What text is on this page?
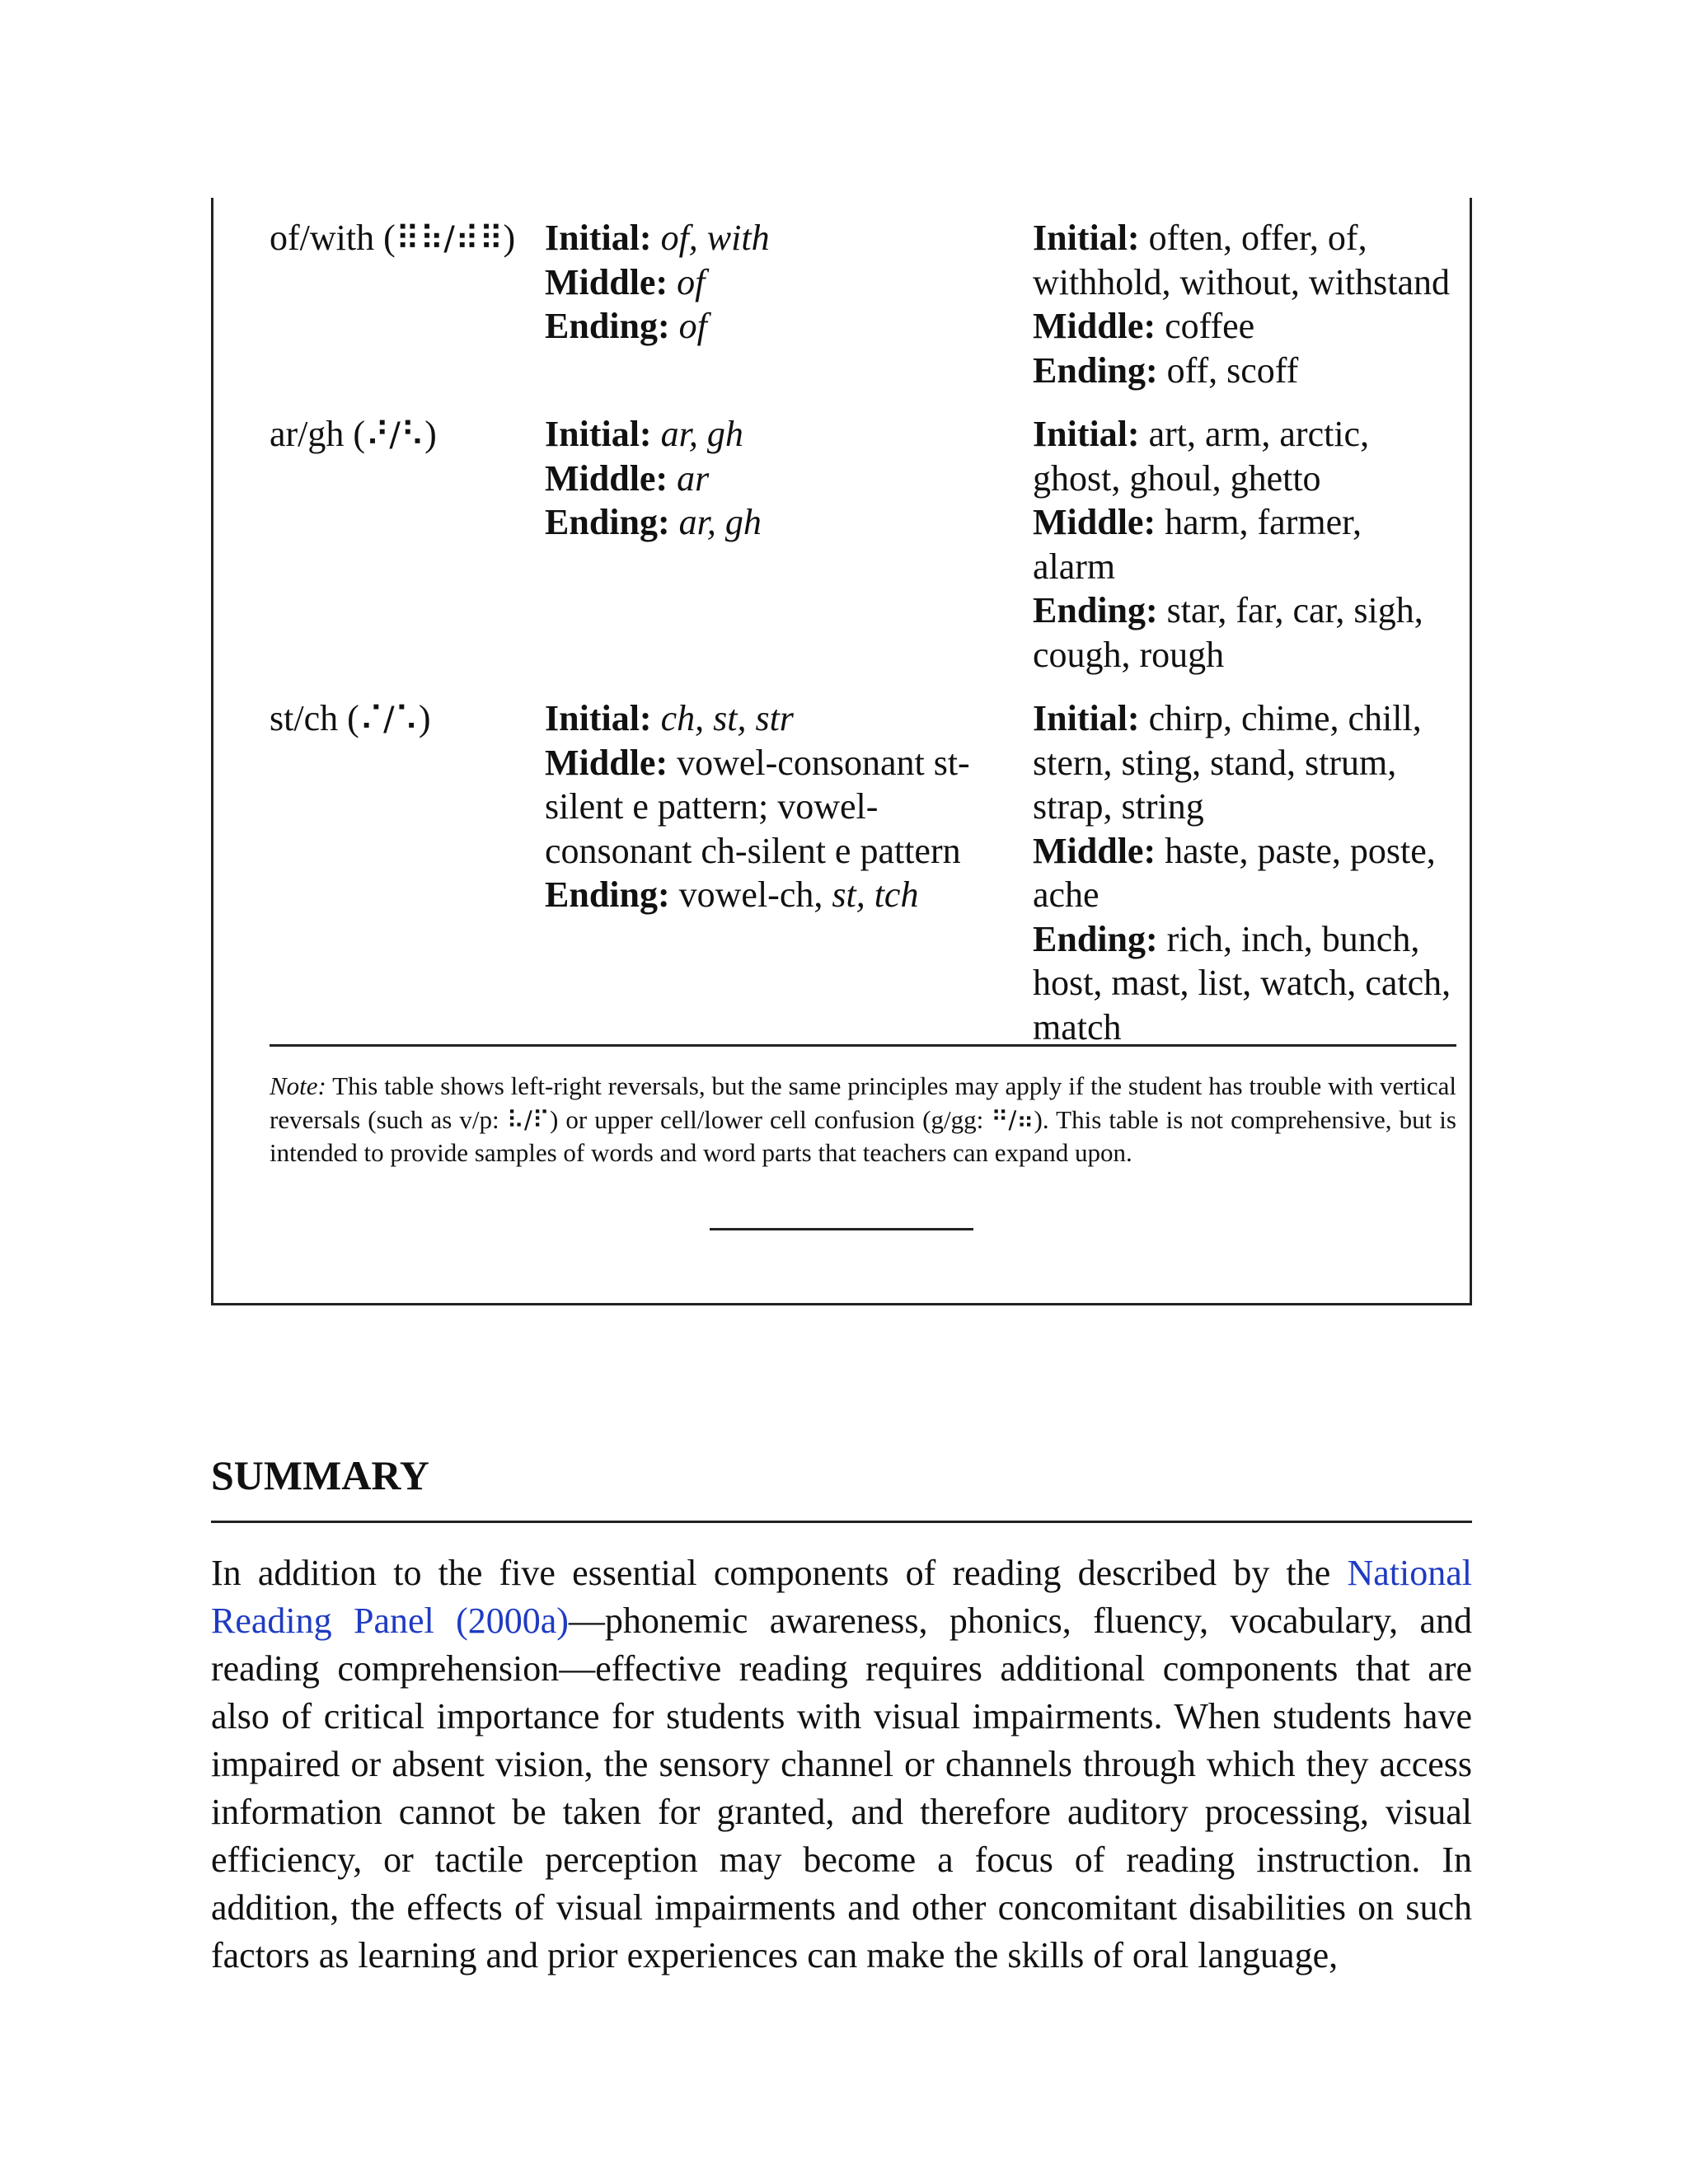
of/with (⠿⠷/⠾⠿) Initial: of, with
Middle: of
Ending: of
Initial: often, offer, of,
withhold, without, withstand
Middle: coffee
Ending: off, scoff
ar/gh (⠜/⠣)	Initial: ar, gh
Middle: ar
Ending: ar, gh
Initial: art, arm, arctic,
ghost, ghoul, ghetto
Middle: harm, farmer,
alarm
Ending: star, far, car, sigh,
cough, rough
st/ch (⠌/⠡)	Initial: ch, st, str
Middle: vowel-consonant st-
silent e pattern; vowel-
consonant ch-silent e pattern
Ending: vowel-ch, st, tch
Initial: chirp, chime, chill,
stern, sting, stand, strum,
strap, string
Middle: haste, paste, poste,
ache
Ending: rich, inch, bunch,
host, mast, list, watch, catch,
match

Note: This table shows left-right reversals, but the same principles may apply if the student has trouble with vertical reversals (such as v/p: ⠧/⠏) or upper cell/lower cell confusion (g/gg: ⠛/⠶). This table is not comprehensive, but is intended to provide samples of words and word parts that teachers can expand upon.

SUMMARY

In addition to the five essential components of reading described by the National Reading Panel (2000a)—phonemic awareness, phonics, fluency, vocabulary, and reading comprehension—effective reading requires additional components that are also of critical importance for students with visual impairments. When students have impaired or absent vision, the sensory channel or channels through which they access information cannot be taken for granted, and therefore auditory processing, visual efficiency, or tactile perception may become a focus of reading instruction. In addition, the effects of visual impairments and other concomitant disabilities on such factors as learning and prior experiences can make the skills of oral language,
